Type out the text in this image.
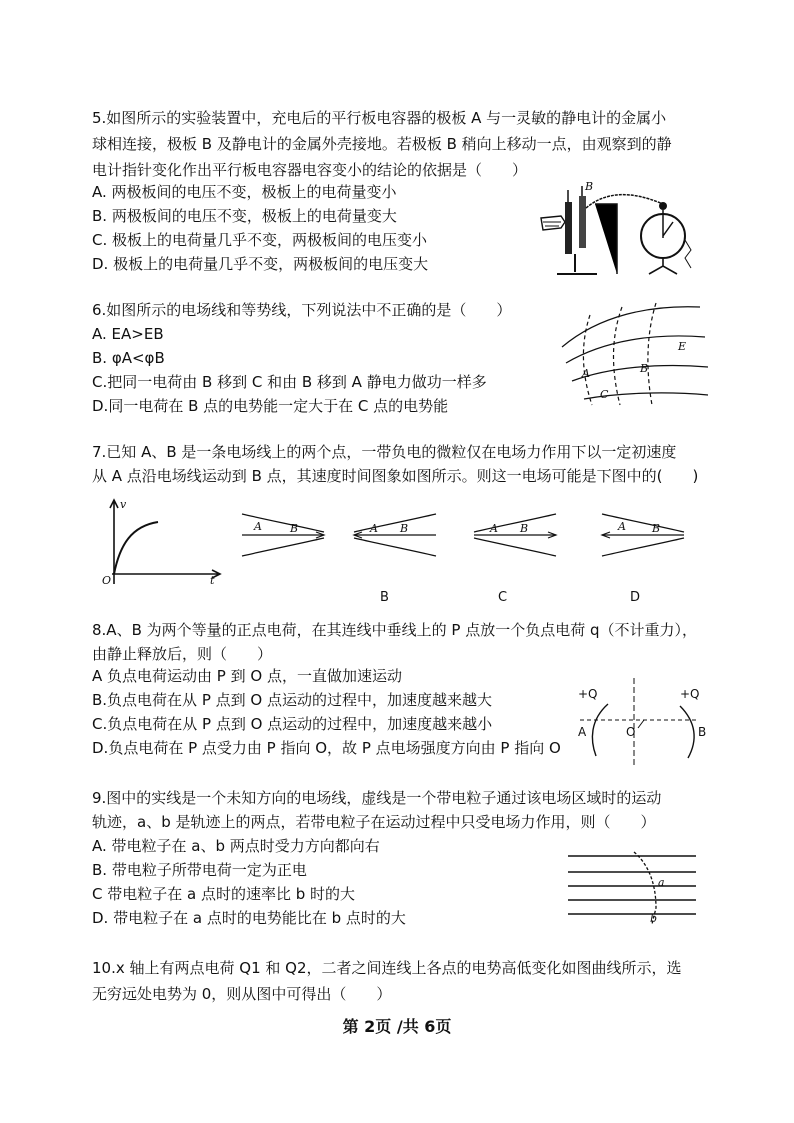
5.如图所示的实验装置中，充电后的平行板电容器的极板 A 与一灵敏的静电计的金属小
球相连接，极板 B 及静电计的金属外壳接地。若极板 B 稍向上移动一点，由观察到的静
电计指针变化作出平行板电容器电容变小的结论的依据是（　　）
A. 两极板间的电压不变，极板上的电荷量变小
B. 两极板间的电压不变，极板上的电荷量变大
C. 极板上的电荷量几乎不变，两极板间的电压变小
D. 极板上的电荷量几乎不变，两极板间的电压变大
B
6.如图所示的电场线和等势线，下列说法中不正确的是（　　）
A. EA>EB
B. φA<φB
C.把同一电荷由 B 移到 C 和由 B 移到 A 静电力做功一样多
D.同一电荷在 B 点的电势能一定大于在 C 点的电势能
E
A	B
C
7.已知 A、B 是一条电场线上的两个点，一带负电的微粒仅在电场力作用下以一定初速度
从 A 点沿电场线运动到 B 点，其速度时间图象如图所示。则这一电场可能是下图中的(　　)
v
O	t
A	B	A B
B
A B
C
A B
D
8.A、B 为两个等量的正点电荷，在其连线中垂线上的 P 点放一个负点电荷 q（不计重力），
由静止释放后，则（　　）
A 负点电荷运动由 P 到 O 点，一直做加速运动
B.负点电荷在从 P 点到 O 点运动的过程中，加速度越来越大
C.负点电荷在从 P 点到 O 点运动的过程中，加速度越来越小
D.负点电荷在 P 点受力由 P 指向 O，故 P 点电场强度方向由 P 指向 O
+Q	+Q
A	O	B
9.图中的实线是一个未知方向的电场线，虚线是一个带电粒子通过该电场区域时的运动
轨迹，a、b 是轨迹上的两点，若带电粒子在运动过程中只受电场力作用，则（　　）
A. 带电粒子在 a、b 两点时受力方向都向右
B. 带电粒子所带电荷一定为正电
C 带电粒子在 a 点时的速率比 b 时的大
D. 带电粒子在 a 点时的电势能比在 b 点时的大
a
b
10.x 轴上有两点电荷 Q1 和 Q2，二者之间连线上各点的电势高低变化如图曲线所示，选
无穷远处电势为 0，则从图中可得出（　　）
第 2页 /共 6页
